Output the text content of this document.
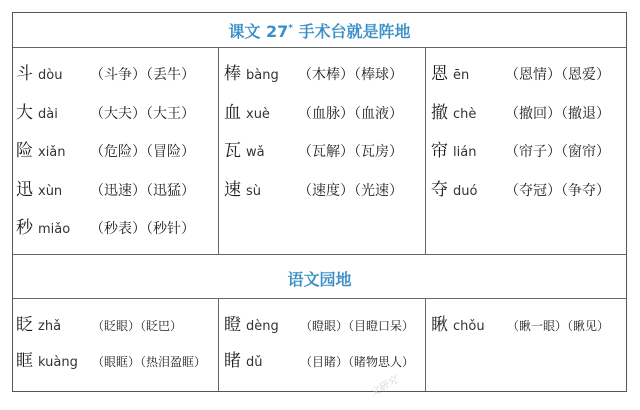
课文 27* 手术台就是阵地
语文园地
斗 dòu （斗争）（丢牛）
大 dài （大夫）（大王）
险 xiǎn （危险）（冒险）
迅 xùn （迅速）（迅猛）
秒 miǎo （秒表）（秒针）
棒 bàng （木棒）（棒球）
血 xuè （血脉）（血液）
瓦 wǎ （瓦解）（瓦房）
速 sù	（速度）（光速）
恩 ēn	（恩情）（恩爱）
撤 chè （撤回）（撤退）
帘 lián （帘子）（窗帘）
夺 duó （夺冠）（争夺）
眨 zhǎ	（眨眼）（眨巴）
眶 kuàng （眼眶）（热泪盈眶）
瞪 dèng （瞪眼）（目瞪口呆）
睹 dǔ	（目睹）（睹物思人）
瞅 chǒu （瞅一眼）（瞅见）
文研究
